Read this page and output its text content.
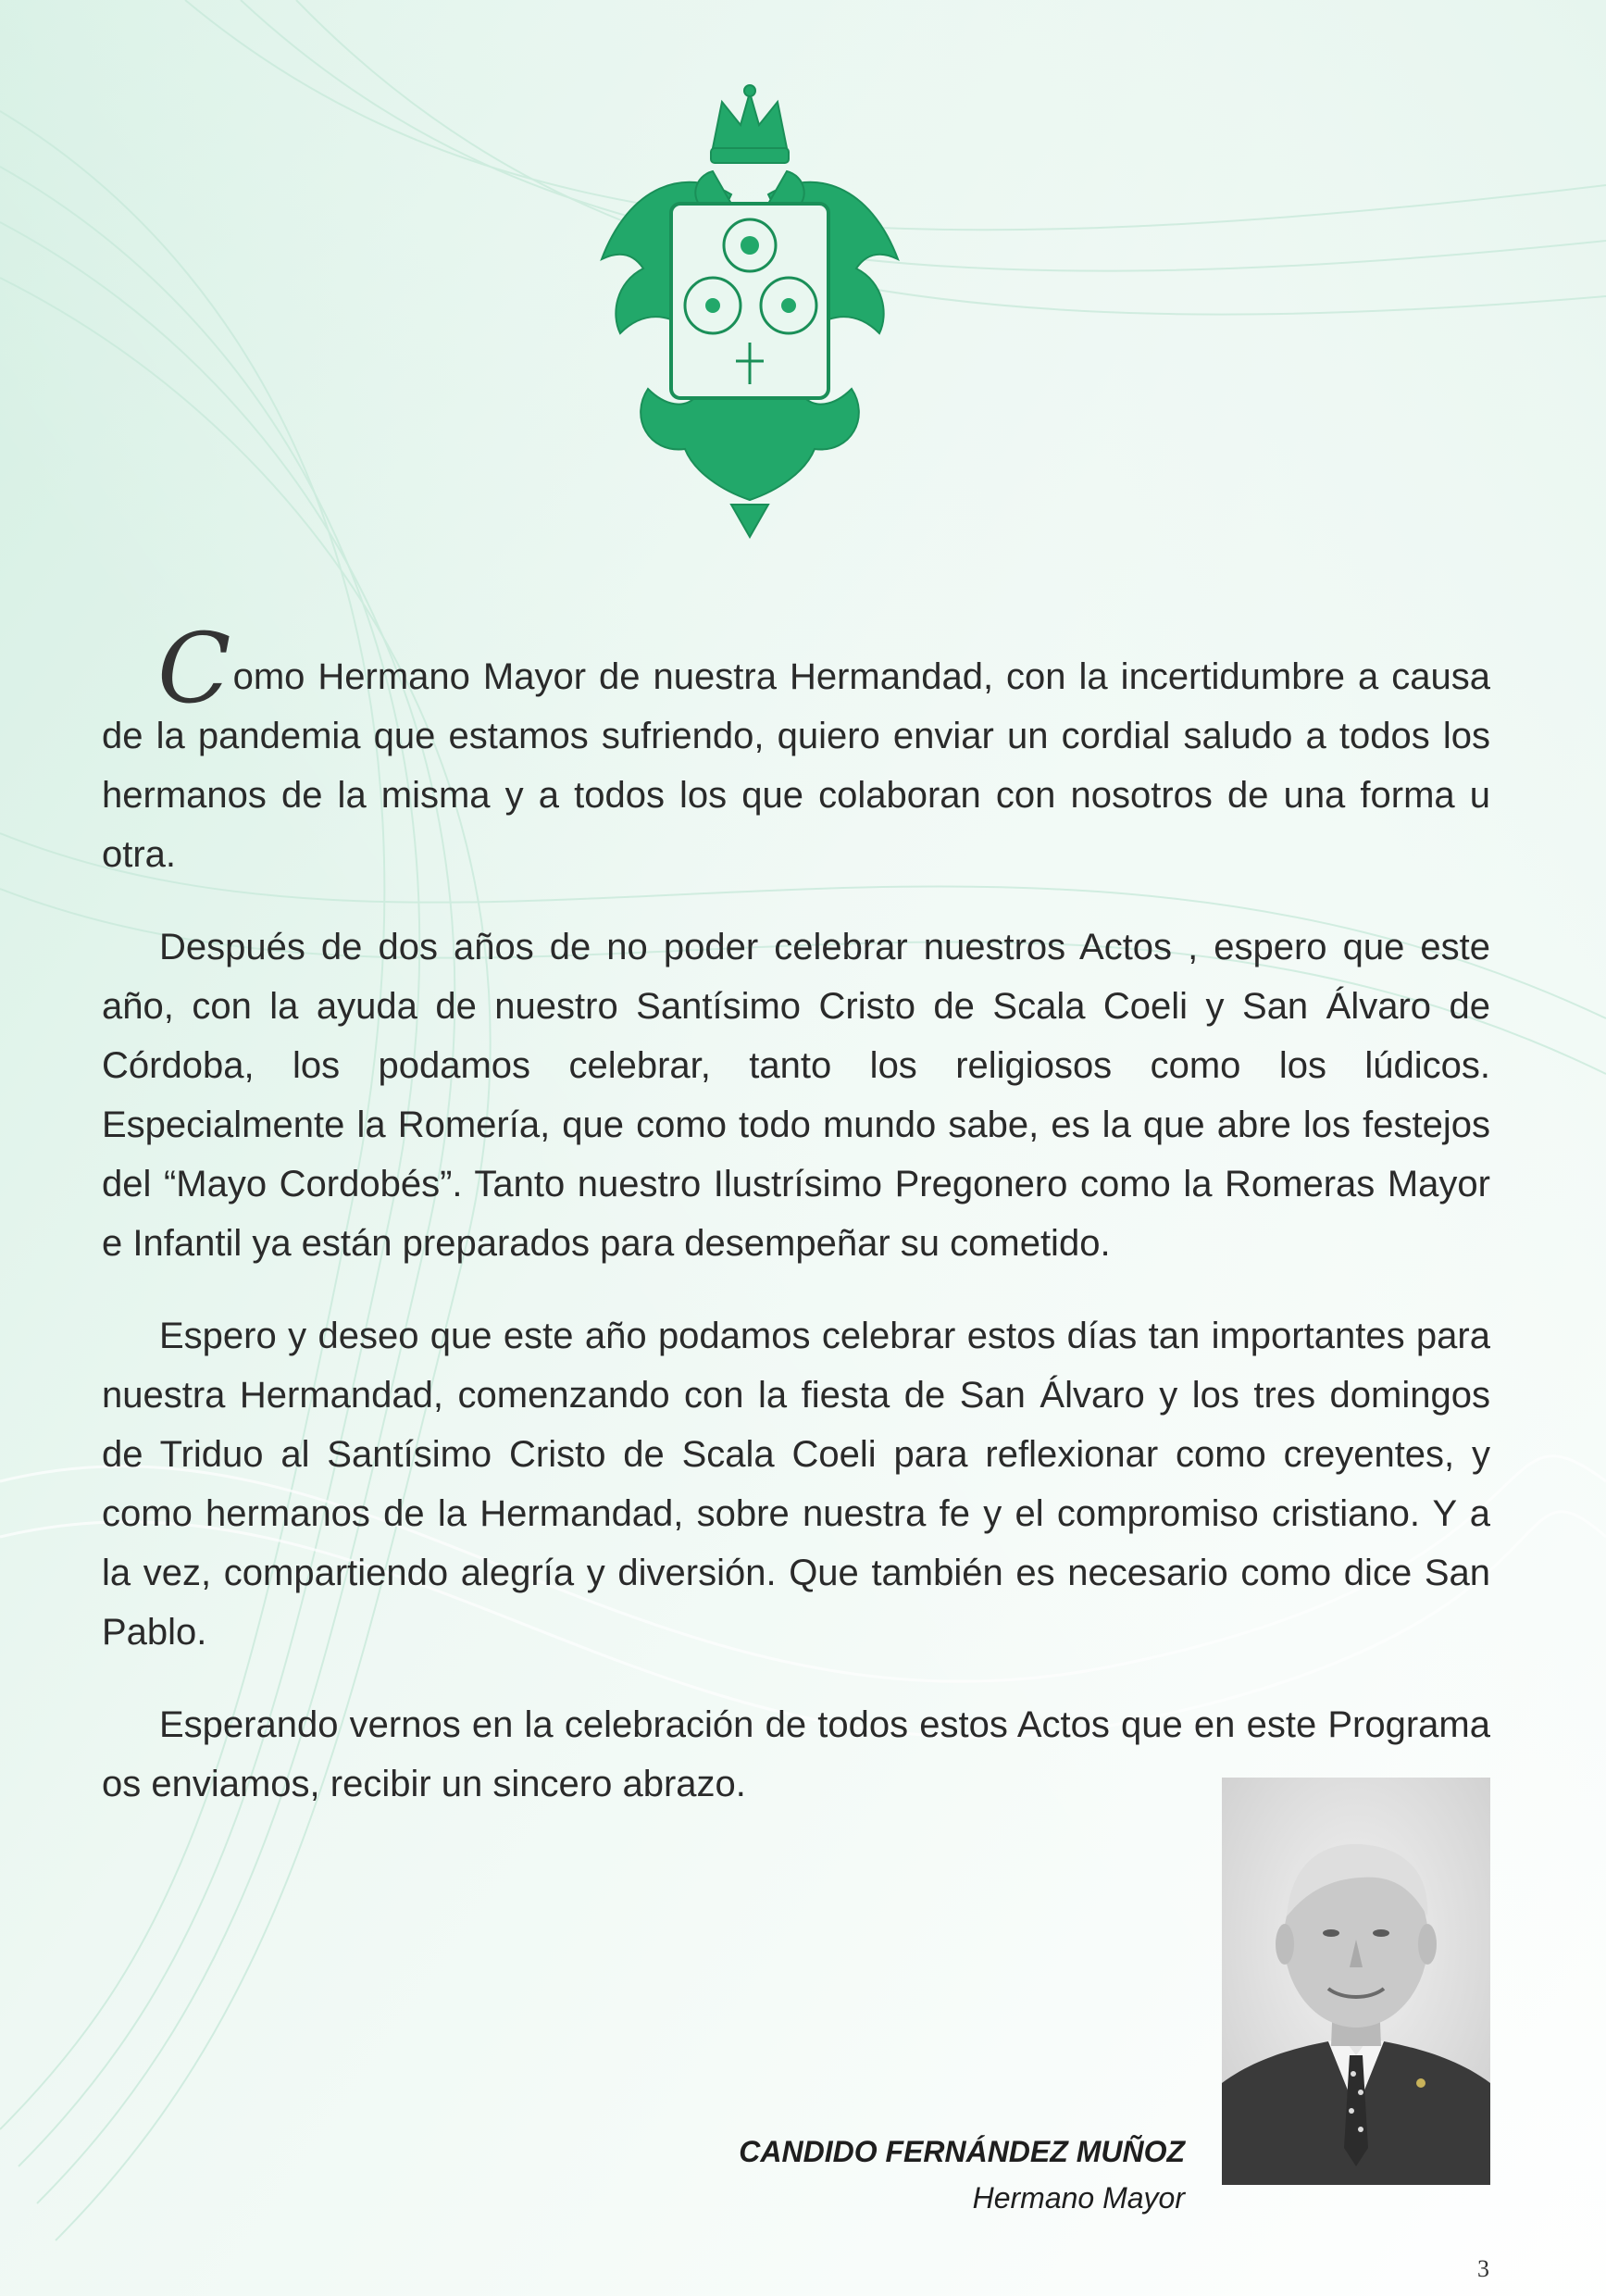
Como Hermano Mayor de nuestra Hermandad, con la incertidumbre a causa de la pandemia que estamos sufriendo, quiero enviar un cordial saludo a todos los hermanos de la misma y a todos los que colaboran con nosotros de una forma u otra.

Después de dos años de no poder celebrar nuestros Actos , espero que este año, con la ayuda de nuestro Santísimo Cristo de Scala Coeli y San Álvaro de Córdoba, los podamos celebrar, tanto los religiosos como los lúdicos. Especialmente la Romería, que como todo mundo sabe, es la que abre los festejos del “Mayo Cordobés”. Tanto nuestro Ilustrísimo Pregonero como la Romeras Mayor e Infantil ya están preparados para desempeñar su cometido.

Espero y deseo que este año podamos celebrar estos días tan importantes para nuestra Hermandad, comenzando con la fiesta de San Álvaro y los tres domingos de Triduo al Santísimo Cristo de Scala Coeli para reflexionar como creyentes, y como hermanos de la Hermandad, sobre nuestra fe y el compromiso cristiano. Y a la vez, compartiendo alegría y diversión. Que también es necesario como dice San Pablo.

Esperando vernos en la celebración de todos estos Actos que en este Programa os enviamos, recibir un sincero abrazo.

CANDIDO FERNÁNDEZ MUÑOZ
Hermano Mayor
3
